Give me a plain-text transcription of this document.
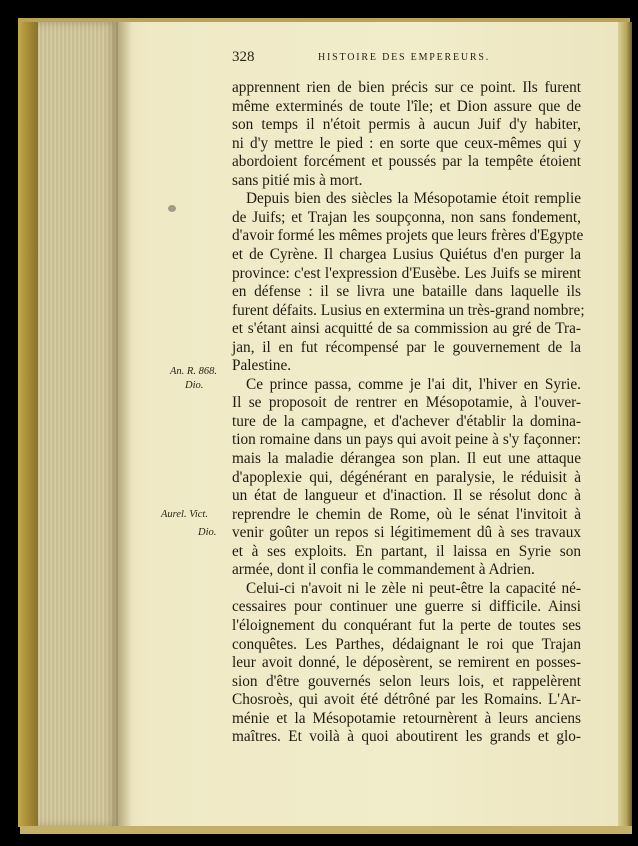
328	HISTOIRE DES EMPEREURS.
apprennent rien de bien précis sur ce point. Ils furent
même exterminés de toute l'île; et Dion assure que de
son temps il n'étoit permis à aucun Juif d'y habiter,
ni d'y mettre le pied : en sorte que ceux-mêmes qui y
abordoient forcément et poussés par la tempête étoient
sans pitié mis à mort.
Depuis bien des siècles la Mésopotamie étoit remplie
de Juifs; et Trajan les soupçonna, non sans fondement,
d'avoir formé les mêmes projets que leurs frères d'Egypte
et de Cyrène. Il chargea Lusius Quiétus d'en purger la
province: c'est l'expression d'Eusèbe. Les Juifs se mirent
en défense : il se livra une bataille dans laquelle ils
furent défaits. Lusius en extermina un très-grand nombre;
et s'étant ainsi acquitté de sa commission au gré de Tra-
jan, il en fut récompensé par le gouvernement de la
Palestine.
Ce prince passa, comme je l'ai dit, l'hiver en Syrie.
Il se proposoit de rentrer en Mésopotamie, à l'ouver-
ture de la campagne, et d'achever d'établir la domina-
tion romaine dans un pays qui avoit peine à s'y façonner:
mais la maladie dérangea son plan. Il eut une attaque
d'apoplexie qui, dégénérant en paralysie, le réduisit à
un état de langueur et d'inaction. Il se résolut donc à
reprendre le chemin de Rome, où le sénat l'invitoit à
venir goûter un repos si légitimement dû à ses travaux
et à ses exploits. En partant, il laissa en Syrie son
armée, dont il confia le commandement à Adrien.
Celui-ci n'avoit ni le zèle ni peut-être la capacité né-
cessaires pour continuer une guerre si difficile. Ainsi
l'éloignement du conquérant fut la perte de toutes ses
conquêtes. Les Parthes, dédaignant le roi que Trajan
leur avoit donné, le déposèrent, se remirent en posses-
sion d'être gouvernés selon leurs lois, et rappelèrent
Chosroès, qui avoit été détrôné par les Romains. L'Ar-
ménie et la Mésopotamie retournèrent à leurs anciens
maîtres. Et voilà à quoi aboutirent les grands et glo-
An. R. 868.
Dio.
Aurel. Vict.
Dio.
